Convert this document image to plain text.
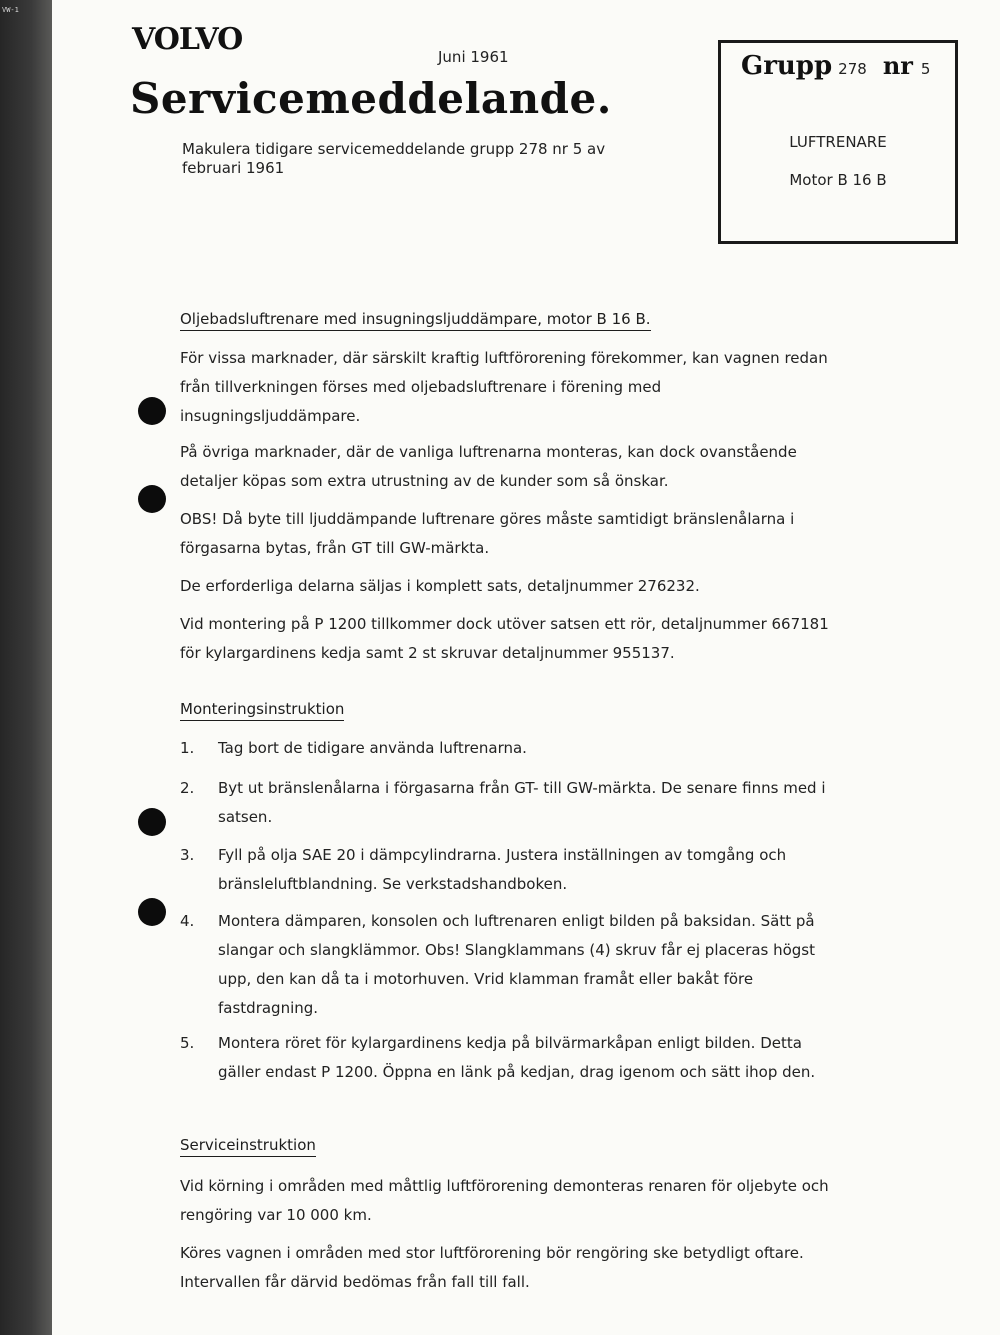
VW-1
VOLVO	Juni 1961
Servicemeddelande.
Makulera tidigare servicemeddelande grupp 278 nr 5 av februari 1961
Grupp 278 nr 5
LUFTRENARE
Motor B 16 B
Oljebadsluftrenare med insugningsljuddämpare, motor B 16 B.
För vissa marknader, där särskilt kraftig luftförorening förekommer, kan vagnen redan från tillverkningen förses med oljebadsluftrenare i förening med insugningsljuddämpare.
På övriga marknader, där de vanliga luftrenarna monteras, kan dock ovanstående detaljer köpas som extra utrustning av de kunder som så önskar.
OBS! Då byte till ljuddämpande luftrenare göres måste samtidigt bränslenålarna i förgasarna bytas, från GT till GW-märkta.
De erforderliga delarna säljas i komplett sats, detaljnummer 276232.
Vid montering på P 1200 tillkommer dock utöver satsen ett rör, detaljnummer 667181 för kylargardinens kedja samt 2 st skruvar detaljnummer 955137.
Monteringsinstruktion
1. Tag bort de tidigare använda luftrenarna.
2. Byt ut bränslenålarna i förgasarna från GT- till GW-märkta. De senare finns med i satsen.
3. Fyll på olja SAE 20 i dämpcylindrarna. Justera inställningen av tomgång och bränsleluftblandning. Se verkstadshandboken.
4. Montera dämparen, konsolen och luftrenaren enligt bilden på baksidan. Sätt på slangar och slangklämmor. Obs! Slangklammans (4) skruv får ej placeras högst upp, den kan då ta i motorhuven. Vrid klamman framåt eller bakåt före fastdragning.
5. Montera röret för kylargardinens kedja på bilvärmarkåpan enligt bilden. Detta gäller endast P 1200. Öppna en länk på kedjan, drag igenom och sätt ihop den.
Serviceinstruktion
Vid körning i områden med måttlig luftförorening demonteras renaren för oljebyte och rengöring var 10 000 km.
Köres vagnen i områden med stor luftförorening bör rengöring ske betydligt oftare. Intervallen får därvid bedömas från fall till fall.
